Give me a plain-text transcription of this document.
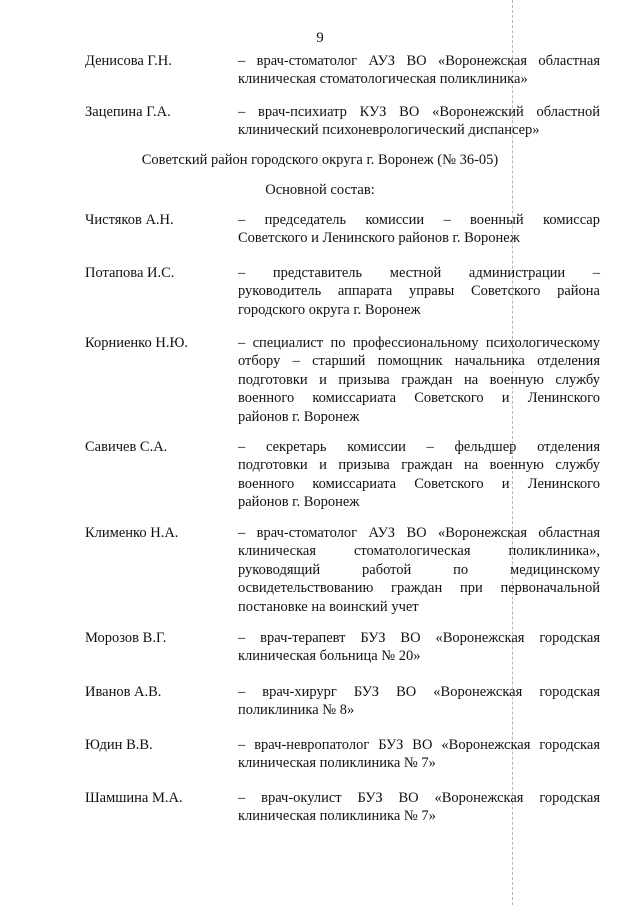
9
Денисова Г.Н.	– врач-стоматолог АУЗ ВО «Воронежская областная
клиническая стоматологическая поликлиника»
Зацепина Г.А.	– врач-психиатр КУЗ ВО «Воронежский областной
клинический психоневрологический диспансер»
Советский район городского округа г. Воронеж (№ 36-05)
Основной состав:
Чистяков А.Н.	– председатель комиссии – военный комиссар
Советского и Ленинского районов г. Воронеж
Потапова И.С.	– представитель местной администрации –
руководитель аппарата управы Советского района
городского округа г. Воронеж
Корниенко Н.Ю.	– специалист по профессиональному психологическому
отбору – старший помощник начальника отделения
подготовки и призыва граждан на военную службу
военного комиссариата Советского и Ленинского
районов г. Воронеж
Савичев С.А.	– секретарь комиссии – фельдшер отделения
подготовки и призыва граждан на военную службу
военного комиссариата Советского и Ленинского
районов г. Воронеж
Клименко Н.А.	– врач-стоматолог АУЗ ВО «Воронежская областная
клиническая стоматологическая поликлиника»,
руководящий работой по медицинскому
освидетельствованию граждан при первоначальной
постановке на воинский учет
Морозов В.Г.	– врач-терапевт БУЗ ВО «Воронежская городская
клиническая больница № 20»
Иванов А.В.	– врач-хирург БУЗ ВО «Воронежская городская
поликлиника № 8»
Юдин В.В.	– врач-невропатолог БУЗ ВО «Воронежская городская
клиническая поликлиника № 7»
Шамшина М.А.	– врач-окулист БУЗ ВО «Воронежская городская
клиническая поликлиника № 7»
